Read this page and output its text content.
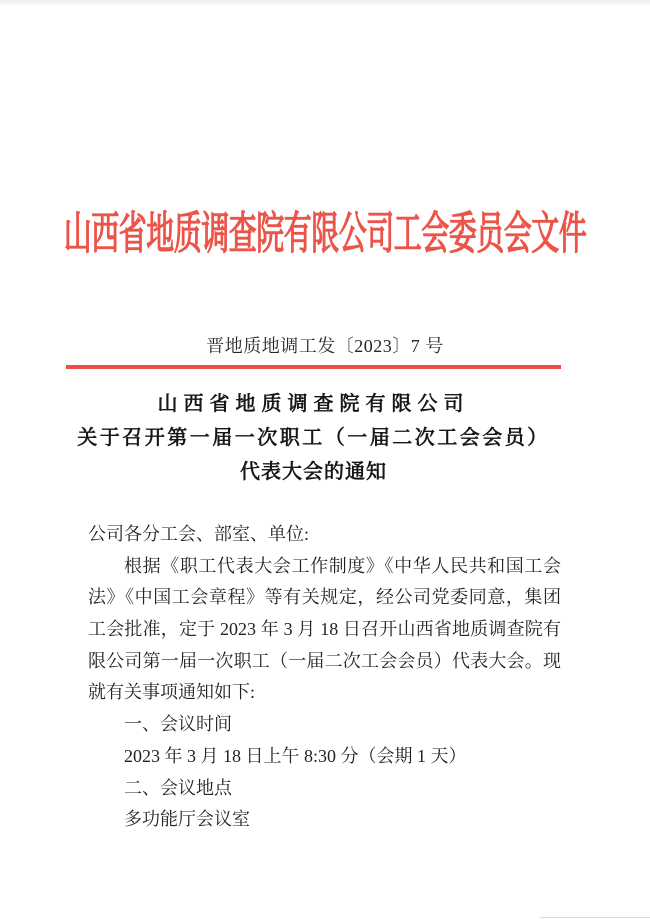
山西省地质调查院有限公司工会委员会文件
晋地质地调工发〔2023〕7 号
山西省地质调查院有限公司
关于召开第一届一次职工（一届二次工会会员）
代表大会的通知
公司各分工会、部室、单位:
根据《职工代表大会工作制度》《中华人民共和国工会
法》《中国工会章程》等有关规定，经公司党委同意，集团
工会批准，定于 2023 年 3 月 18 日召开山西省地质调查院有
限公司第一届一次职工（一届二次工会会员）代表大会。现
就有关事项通知如下:
一、会议时间
2023 年 3 月 18 日上午 8:30 分（会期 1 天）
二、会议地点
多功能厅会议室
